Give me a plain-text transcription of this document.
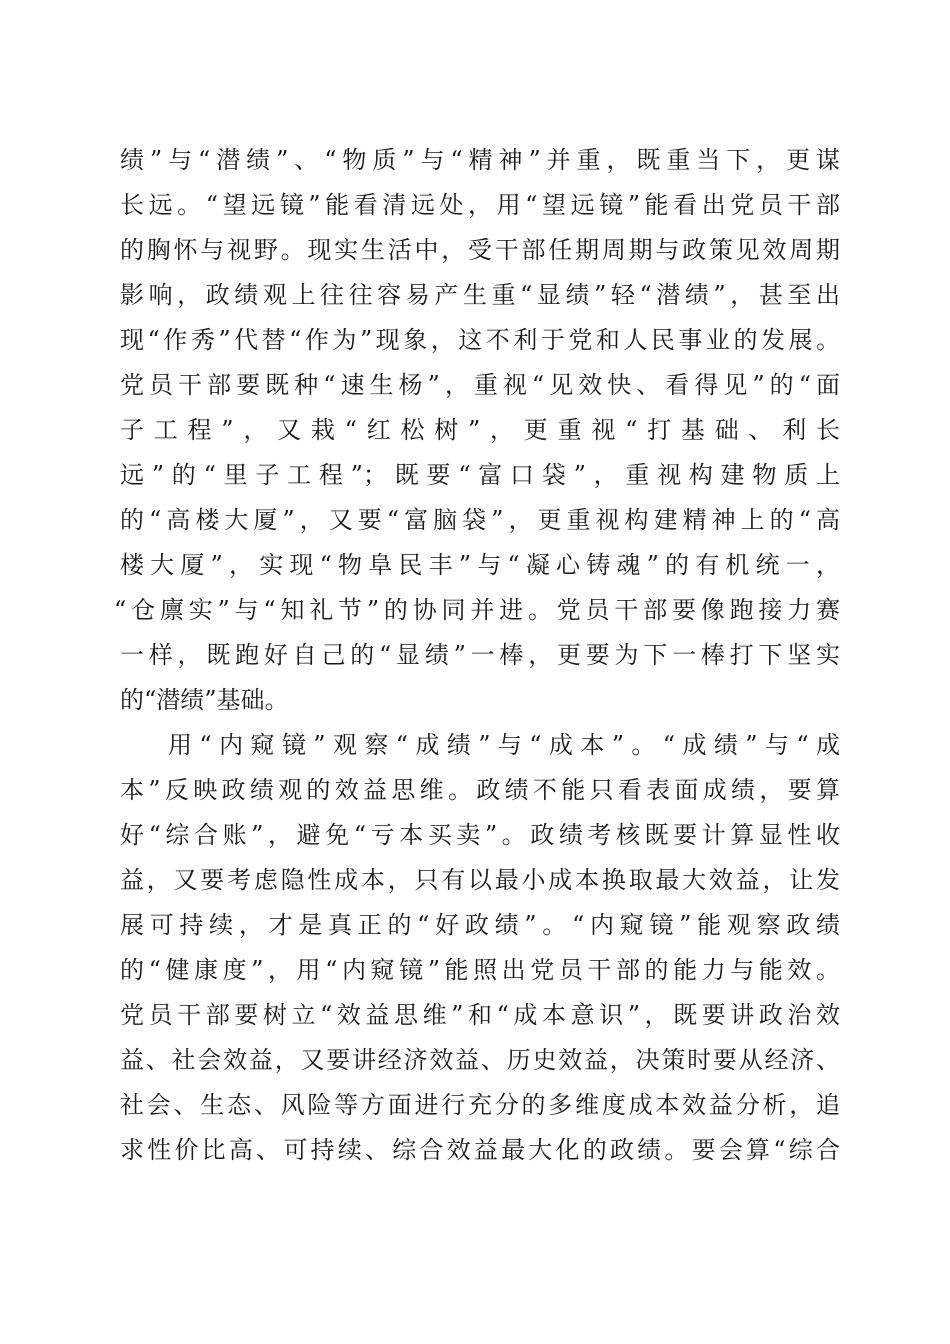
绩”与“潜绩”、“物质”与“精神”并重，既重当下，更谋

长远。“望远镜”能看清远处，用“望远镜”能看出党员干部

的胸怀与视野。现实生活中，受干部任期周期与政策见效周期

影响，政绩观上往往容易产生重“显绩”轻“潜绩”，甚至出

现“作秀”代替“作为”现象，这不利于党和人民事业的发展。

党员干部要既种“速生杨”，重视“见效快、看得见”的“面

子工程”，又栽“红松树”，更重视“打基础、利长

远”的“里子工程”；既要“富口袋”，重视构建物质上

的“高楼大厦”，又要“富脑袋”，更重视构建精神上的“高

楼大厦”，实现“物阜民丰”与“凝心铸魂”的有机统一，

“仓廪实”与“知礼节”的协同并进。党员干部要像跑接力赛

一样，既跑好自己的“显绩”一棒，更要为下一棒打下坚实

的“潜绩”基础。

用“内窥镜”观察“成绩”与“成本”。“成绩”与“成

本”反映政绩观的效益思维。政绩不能只看表面成绩，要算

好“综合账”，避免“亏本买卖”。政绩考核既要计算显性收

益，又要考虑隐性成本，只有以最小成本换取最大效益，让发

展可持续，才是真正的“好政绩”。“内窥镜”能观察政绩

的“健康度”，用“内窥镜”能照出党员干部的能力与能效。

党员干部要树立“效益思维”和“成本意识”，既要讲政治效

益、社会效益，又要讲经济效益、历史效益，决策时要从经济、

社会、生态、风险等方面进行充分的多维度成本效益分析，追

求性价比高、可持续、综合效益最大化的政绩。要会算“综合
